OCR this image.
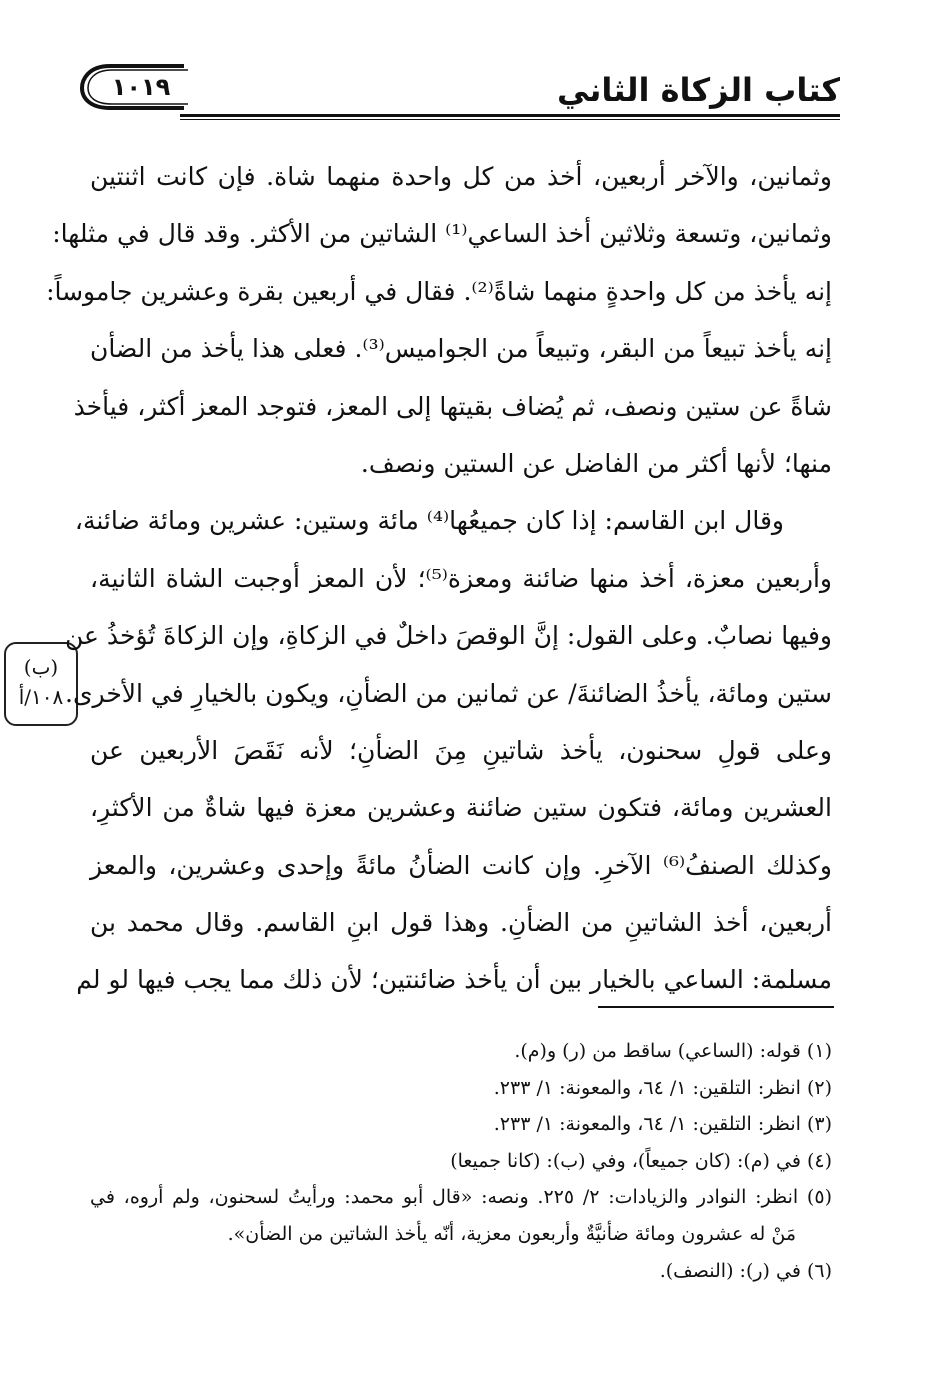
١٠١٩	كتاب الزكاة الثاني
(ب)
١٠٨/أ
وثمانين، والآخر أربعين، أخذ من كل واحدة منهما شاة. فإن كانت اثنتين
وثمانين، وتسعة وثلاثين أخذ الساعي⁽¹⁾ الشاتين من الأكثر. وقد قال في مثلها:
إنه يأخذ من كل واحدةٍ منهما شاةً⁽²⁾. فقال في أربعين بقرة وعشرين جاموساً:
إنه يأخذ تبيعاً من البقر، وتبيعاً من الجواميس⁽³⁾. فعلى هذا يأخذ من الضأن
شاةً عن ستين ونصف، ثم يُضاف بقيتها إلى المعز، فتوجد المعز أكثر، فيأخذ
منها؛ لأنها أكثر من الفاضل عن الستين ونصف.
وقال ابن القاسم: إذا كان جميعُها⁽⁴⁾ مائة وستين: عشرين ومائة ضائنة،
وأربعين معزة، أخذ منها ضائنة ومعزة⁽⁵⁾؛ لأن المعز أوجبت الشاة الثانية،
وفيها نصابٌ. وعلى القول: إنَّ الوقصَ داخلٌ في الزكاةِ، وإن الزكاةَ تُؤخذُ عن
ستين ومائة، يأخذُ الضائنةَ/ عن ثمانين من الضأنِ، ويكون بالخيارِ في الأخرى.
وعلى قولِ سحنون، يأخذ شاتينِ مِنَ الضأنِ؛ لأنه نَقَصَ الأربعين عن
العشرين ومائة، فتكون ستين ضائنة وعشرين معزة فيها شاةٌ من الأكثرِ،
وكذلك الصنفُ⁽⁶⁾ الآخرِ. وإن كانت الضأنُ مائةً وإحدى وعشرين، والمعز
أربعين، أخذ الشاتينِ من الضأنِ. وهذا قول ابنِ القاسم. وقال محمد بن
مسلمة: الساعي بالخيار بين أن يأخذ ضائنتين؛ لأن ذلك مما يجب فيها لو لم
(١) قوله: (الساعي) ساقط من (ر) و(م).
(٢) انظر: التلقين: ١/ ٦٤، والمعونة: ١/ ٢٣٣.
(٣) انظر: التلقين: ١/ ٦٤، والمعونة: ١/ ٢٣٣.
(٤) في (م): (كان جميعاً)، وفي (ب): (كانا جميعا)
(٥) انظر: النوادر والزيادات: ٢/ ٢٢٥. ونصه: «قال أبو محمد: ورأيتُ لسحنون، ولم أروه، في
مَنْ له عشرون ومائة ضأنيَّةٌ وأربعون معزية، أنّه يأخذ الشاتين من الضأن».
(٦) في (ر): (النصف).
